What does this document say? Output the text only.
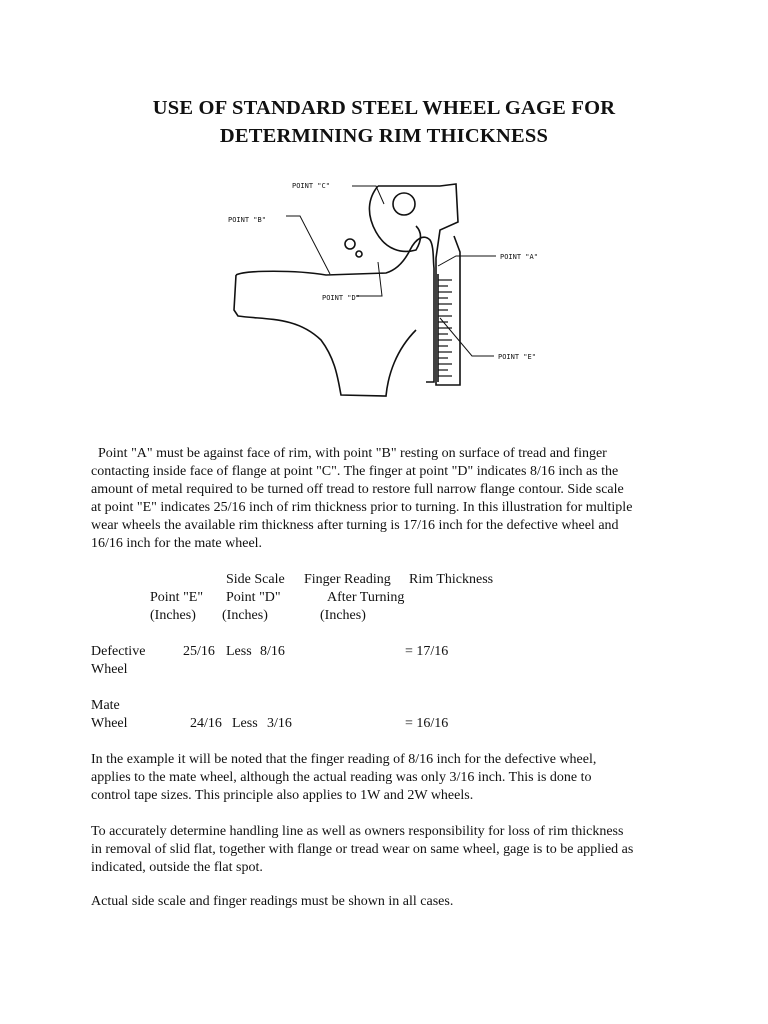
USE OF STANDARD STEEL WHEEL GAGE FOR
DETERMINING RIM THICKNESS
POINT "C"
POINT "B"
POINT "A"
POINT "D"
POINT "E"
Point "A" must be against face of rim, with point "B" resting on surface of tread and finger
contacting inside face of flange at point "C". The finger at point "D" indicates 8/16 inch as the
amount of metal required to be turned off tread to restore full narrow flange contour. Side scale
at point "E" indicates 25/16 inch of rim thickness prior to turning. In this illustration for multiple
wear wheels the available rim thickness after turning is 17/16 inch for the defective wheel and
16/16 inch for the mate wheel.
Side Scale Finger Reading Rim Thickness
Point "E" Point "D"	After Turning
(Inches) (Inches)	(Inches)
Defective
Wheel
25/16 Less 8/16	= 17/16
Mate
Wheel	24/16 Less 3/16	= 16/16
In the example it will be noted that the finger reading of 8/16 inch for the defective wheel,
applies to the mate wheel, although the actual reading was only 3/16 inch. This is done to
control tape sizes. This principle also applies to 1W and 2W wheels.
To accurately determine handling line as well as owners responsibility for loss of rim thickness
in removal of slid flat, together with flange or tread wear on same wheel, gage is to be applied as
indicated, outside the flat spot.
Actual side scale and finger readings must be shown in all cases.
